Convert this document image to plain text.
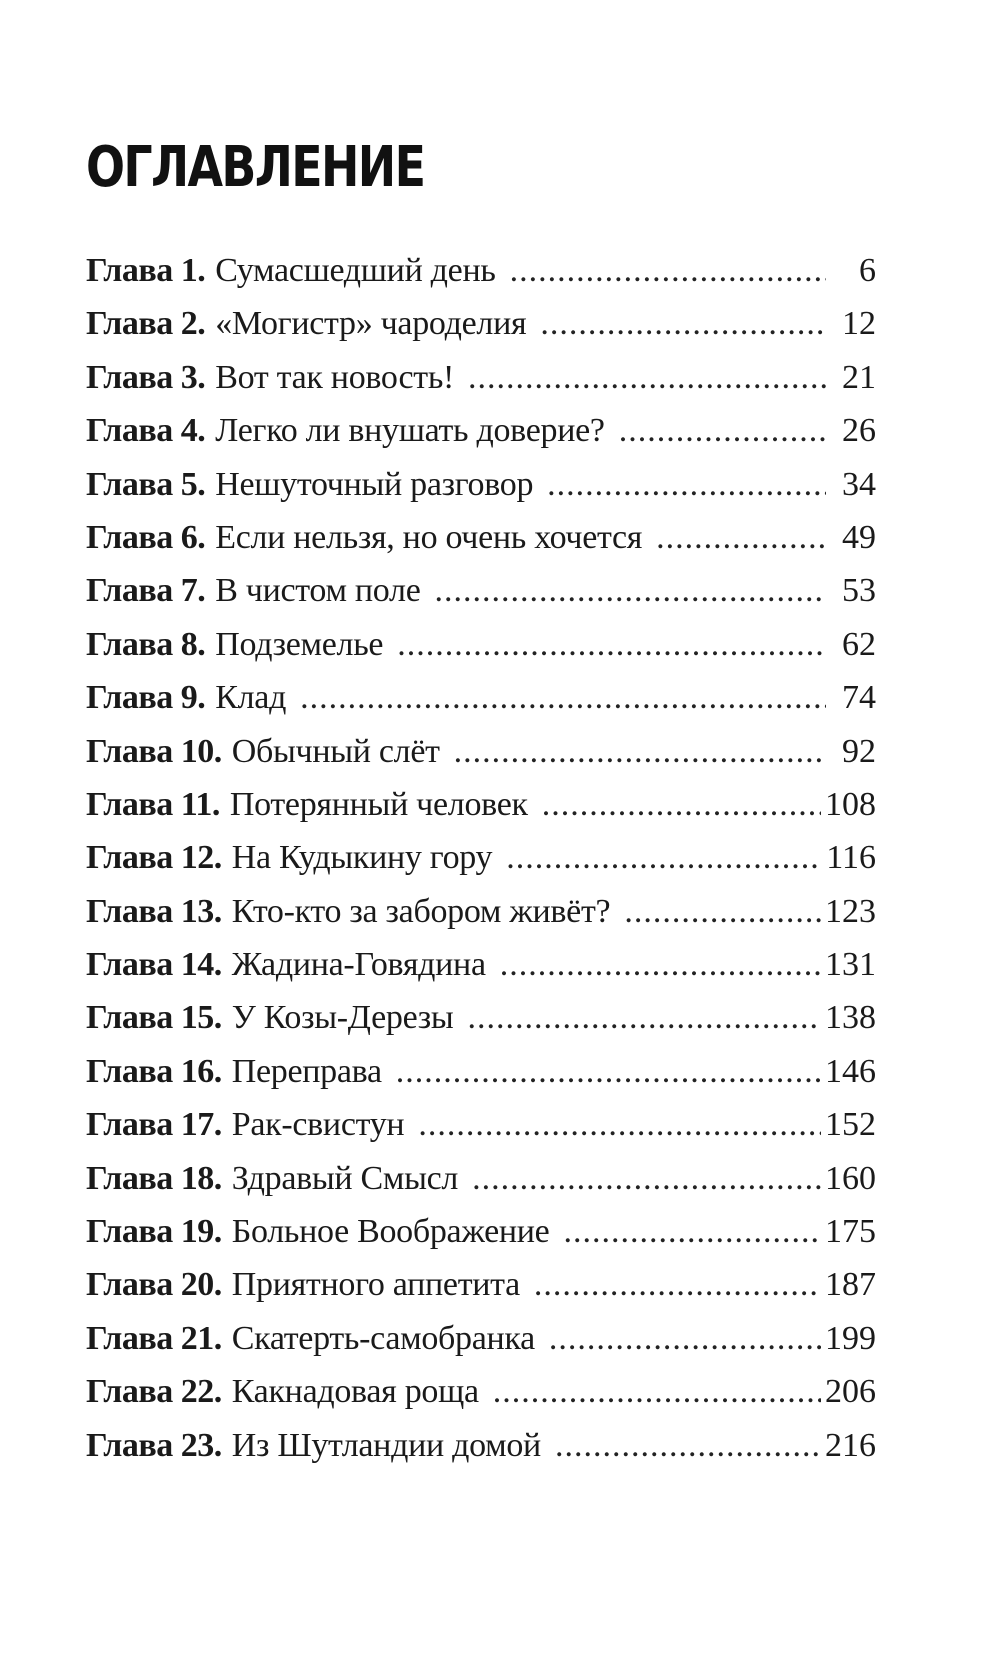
ОГЛАВЛЕНИЕ
Глава 1. Сумасшедший день .....	6
Глава 2. «Могистр» чароделия .....	12
Глава 3. Вот так новость! .....	21
Глава 4. Легко ли внушать доверие? .....	26
Глава 5. Нешуточный разговор .....	34
Глава 6. Если нельзя, но очень хочется .....	49
Глава 7. В чистом поле .....	53
Глава 8. Подземелье .....	62
Глава 9. Клад .....	74
Глава 10. Обычный слёт .....	92
Глава 11. Потерянный человек .....	108
Глава 12. На Кудыкину гору .....	116
Глава 13. Кто-кто за забором живёт? .....	123
Глава 14. Жадина-Говядина .....	131
Глава 15. У Козы-Дерезы .....	138
Глава 16. Переправа .....	146
Глава 17. Рак-свистун .....	152
Глава 18. Здравый Смысл .....	160
Глава 19. Больное Воображение .....	175
Глава 20. Приятного аппетита .....	187
Глава 21. Скатерть-самобранка .....	199
Глава 22. Какнадовая роща .....	206
Глава 23. Из Шутландии домой .....	216
